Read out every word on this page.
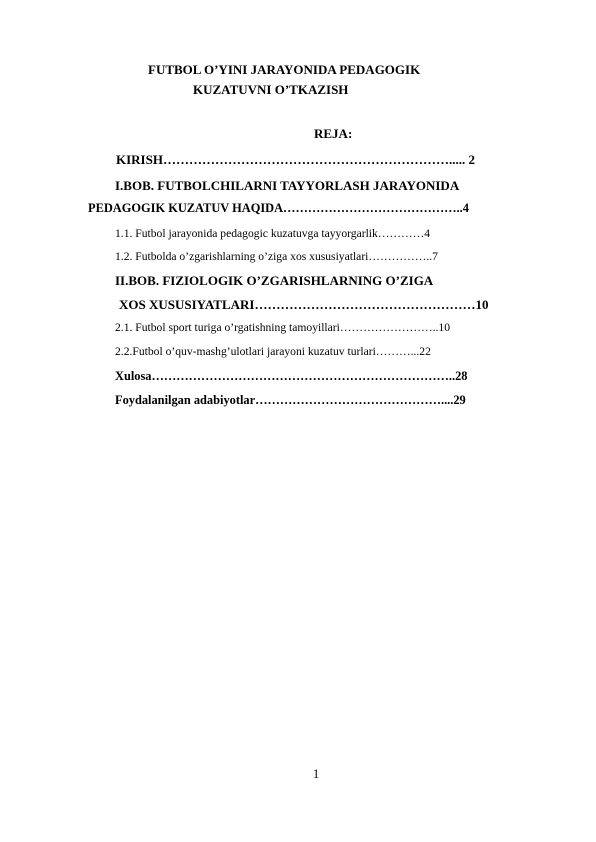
FUTBOL O’YINI JARAYONIDA PEDAGOGIK
KUZATUVNI O’TKAZISH
REJA:
KIRISH…………………………………………………………..... 2
I.BOB. FUTBOLCHILARNI TAYYORLASH JARAYONIDA
PEDAGOGIK KUZATUV HAQIDA……………………………………..4
1.1. Futbol jarayonida pedagogic kuzatuvga tayyorgarlik…………4
1.2. Futbolda o’zgarishlarning o’ziga xos xususiyatlari……………..7
II.BOB. FIZIOLOGIK O’ZGARISHLARNING O’ZIGA
XOS XUSUSIYATLARI……………………………………………10
2.1. Futbol sport turiga o’rgatishning tamoyillari……………………..10
2.2.Futbol o’quv-mashg’ulotlari jarayoni kuzatuv turlari………...22
Xulosa………………………………………………………………..28
Foydalanilgan adabiyotlar………………………………………....29
1
